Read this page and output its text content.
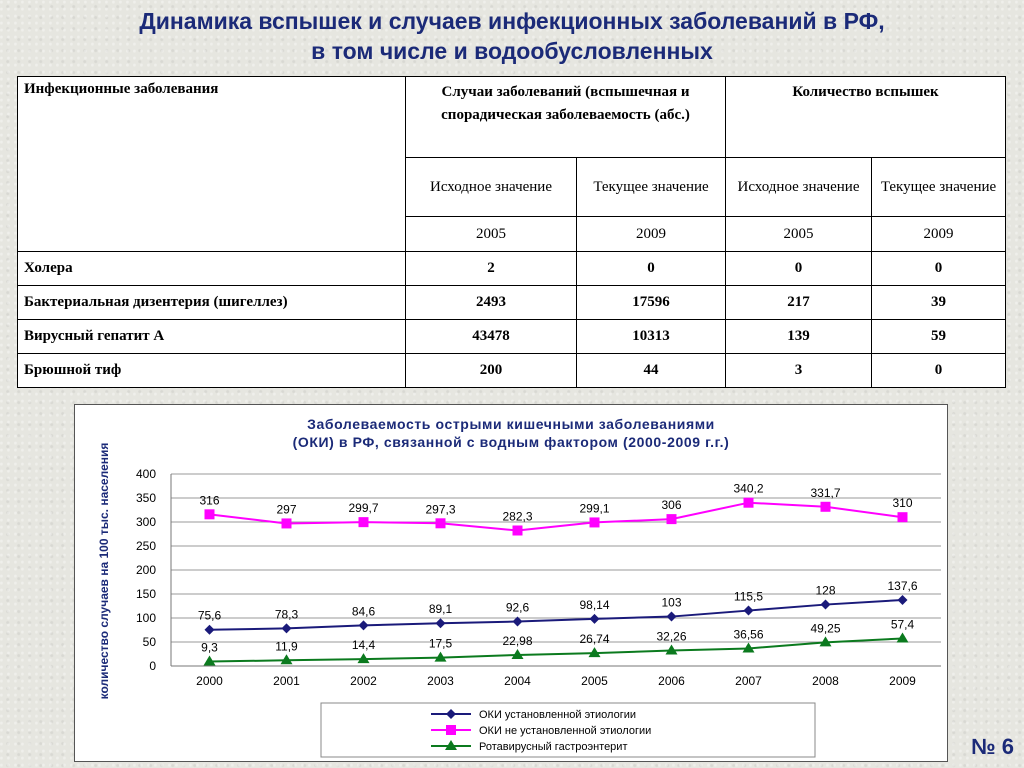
Динамика вспышек и случаев инфекционных заболеваний в РФ,
в том числе и водообусловленных
Инфекционные заболевания	Случаи заболеваний (вспышечная и спорадическая заболеваемость (абс.)		Количество вспышек	
	Исходное значение	Текущее значение	Исходное значение	Текущее значение
	2005	2009	2005	2009
Холера	2	0	0	0
Бактериальная дизентерия (шигеллез)	2493	17596	217	39
Вирусный гепатит А	43478	10313	139	59
Брюшной тиф	200	44	3	0
Заболеваемость острыми кишечными заболеваниями
(ОКИ) в РФ, связанной с водным фактором (2000-2009 г.г.)
количество случаев на 100 тыс. населения	0
50
100
150
200
250
300
350
400
2000	2001	2002	2003	2004	2005	2006	2007	2008	2009
75,6	78,3	84,6	89,1	92,6	98,14	103	115,5	128	137,6
316
297	299,7	297,3
282,3
299,1	306
340,2	331,7
310
9,3	11,9	14,4	17,5	22,98	26,74	32,26	36,56	49,25	57,4
ОКИ установленной этиологии
ОКИ не установленной этиологии
Ротавирусный гастроэнтерит	№ 6
